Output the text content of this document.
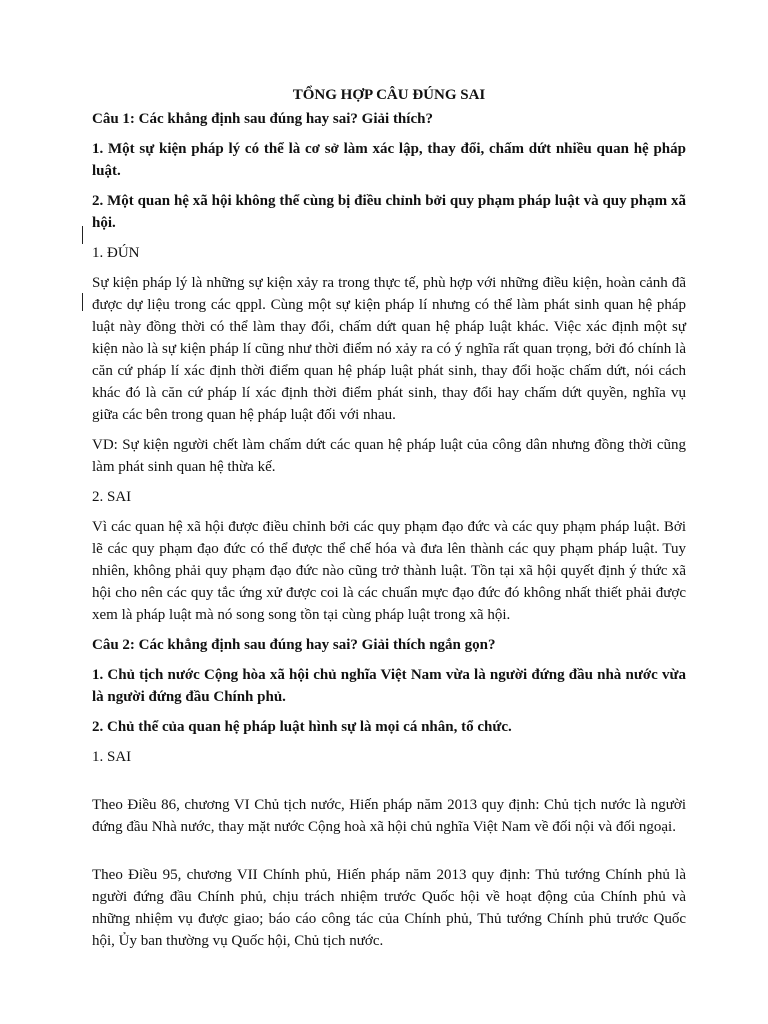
TỔNG HỢP CÂU ĐÚNG SAI

Câu 1: Các khẳng định sau đúng hay sai? Giải thích?

1. Một sự kiện pháp lý có thể là cơ sở làm xác lập, thay đổi, chấm dứt nhiều quan hệ pháp luật.

2. Một quan hệ xã hội không thể cùng bị điều chỉnh bởi quy phạm pháp luật và quy phạm xã hội.

1. ĐÚN

Sự kiện pháp lý là những sự kiện xảy ra trong thực tế, phù hợp với những điều kiện, hoàn cảnh đã được dự liệu trong các qppl. Cùng một sự kiện pháp lí nhưng có thể làm phát sinh quan hệ pháp luật này đồng thời có thể làm thay đổi, chấm dứt quan hệ pháp luật khác. Việc xác định một sự kiện nào là sự kiện pháp lí cũng như thời điểm nó xảy ra có ý nghĩa rất quan trọng, bởi đó chính là căn cứ pháp lí xác định thời điểm quan hệ pháp luật phát sinh, thay đổi hoặc chấm dứt, nói cách khác đó là căn cứ pháp lí xác định thời điểm phát sinh, thay đổi hay chấm dứt quyền, nghĩa vụ giữa các bên trong quan hệ pháp luật đối với nhau.

VD: Sự kiện người chết làm chấm dứt các quan hệ pháp luật của công dân nhưng đồng thời cũng làm phát sinh quan hệ thừa kế.

2. SAI

Vì các quan hệ xã hội được điều chỉnh bởi các quy phạm đạo đức và các quy phạm pháp luật. Bởi lẽ các quy phạm đạo đức có thể được thể chế hóa và đưa lên thành các quy phạm pháp luật. Tuy nhiên, không phải quy phạm đạo đức nào cũng trở thành luật. Tồn tại xã hội quyết định ý thức xã hội cho nên các quy tắc ứng xử được coi là các chuẩn mực đạo đức đó không nhất thiết phải được xem là pháp luật mà nó song song tồn tại cùng pháp luật trong xã hội.

Câu 2: Các khẳng định sau đúng hay sai? Giải thích ngắn gọn?

1. Chủ tịch nước Cộng hòa xã hội chủ nghĩa Việt Nam vừa là người đứng đầu nhà nước vừa là người đứng đầu Chính phủ.

2. Chủ thể của quan hệ pháp luật hình sự là mọi cá nhân, tổ chức.

1. SAI

Theo Điều 86, chương VI Chủ tịch nước, Hiến pháp năm 2013 quy định: Chủ tịch nước là người đứng đầu Nhà nước, thay mặt nước Cộng hoà xã hội chủ nghĩa Việt Nam về đối nội và đối ngoại.

Theo Điều 95, chương VII Chính phủ, Hiến pháp năm 2013 quy định: Thủ tướng Chính phủ là người đứng đầu Chính phủ, chịu trách nhiệm trước Quốc hội về hoạt động của Chính phủ và những nhiệm vụ được giao; báo cáo công tác của Chính phủ, Thủ tướng Chính phủ trước Quốc hội, Ủy ban thường vụ Quốc hội, Chủ tịch nước.
